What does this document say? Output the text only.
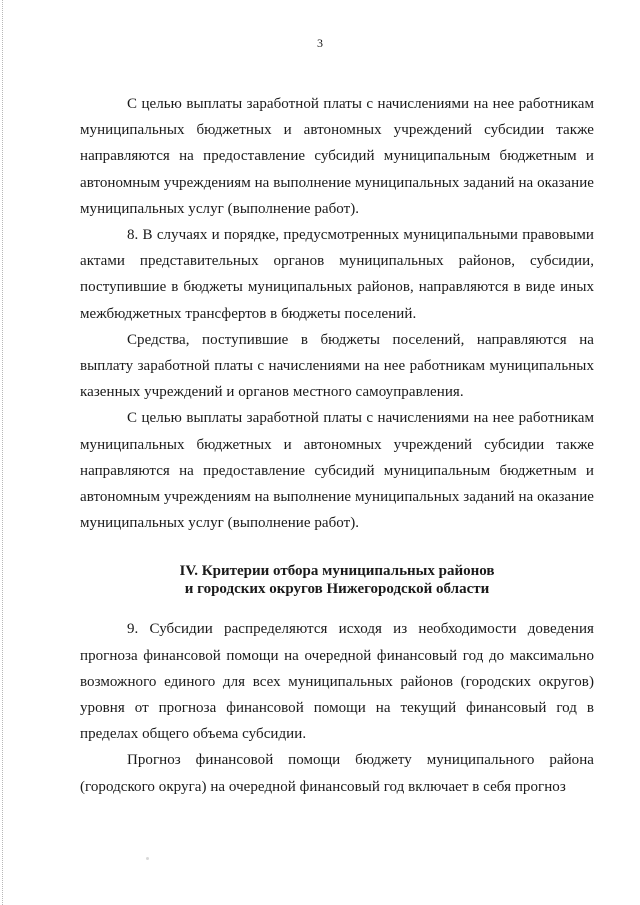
3

С целью выплаты заработной платы с начислениями на нее работникам муниципальных бюджетных и автономных учреждений субсидии также направляются на предоставление субсидий муниципальным бюджетным и автономным учреждениям на выполнение муниципальных заданий на оказание муниципальных услуг (выполнение работ).

8. В случаях и порядке, предусмотренных муниципальными правовыми актами представительных органов муниципальных районов, субсидии, поступившие в бюджеты муниципальных районов, направляются в виде иных межбюджетных трансфертов в бюджеты поселений.

Средства, поступившие в бюджеты поселений, направляются на выплату заработной платы с начислениями на нее работникам муниципальных казенных учреждений и органов местного самоуправления.

С целью выплаты заработной платы с начислениями на нее работникам муниципальных бюджетных и автономных учреждений субсидии также направляются на предоставление субсидий муниципальным бюджетным и автономным учреждениям на выполнение муниципальных заданий на оказание муниципальных услуг (выполнение работ).

IV. Критерии отбора муниципальных районов
и городских округов Нижегородской области

9. Субсидии распределяются исходя из необходимости доведения прогноза финансовой помощи на очередной финансовый год до максимально возможного единого для всех муниципальных районов (городских округов) уровня от прогноза финансовой помощи на текущий финансовый год в пределах общего объема субсидии.

Прогноз финансовой помощи бюджету муниципального района (городского округа) на очередной финансовый год включает в себя прогноз
